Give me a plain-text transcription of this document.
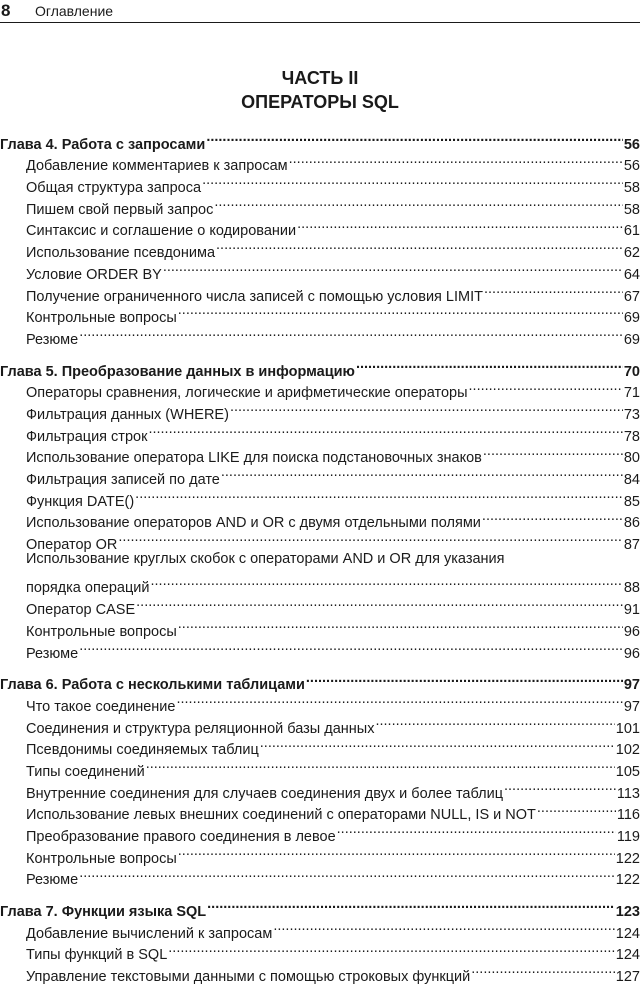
8	Оглавление
ЧАСТЬ II
ОПЕРАТОРЫ SQL
Глава 4. Работа с запросами .....	56
Добавление комментариев к запросам .....	56
Общая структура запроса .....	58
Пишем свой первый запрос .....	58
Синтаксис и соглашение о кодировании .....	61
Использование псевдонима .....	62
Условие ORDER BY .....	64
Получение ограниченного числа записей с помощью условия LIMIT .....	67
Контрольные вопросы .....	69
Резюме .....	69
Глава 5. Преобразование данных в информацию .....	70
Операторы сравнения, логические и арифметические операторы .....	71
Фильтрация данных (WHERE) .....	73
Фильтрация строк .....	78
Использование оператора LIKE для поиска подстановочных знаков .....	80
Фильтрация записей по дате .....	84
Функция DATE() .....	85
Использование операторов AND и OR с двумя отдельными полями .....	86
Оператор OR .....	87
Использование круглых скобок с операторами AND и OR для указания
порядка операций .....	88
Оператор CASE .....	91
Контрольные вопросы .....	96
Резюме .....	96
Глава 6. Работа с несколькими таблицами .....	97
Что такое соединение .....	97
Соединения и структура реляционной базы данных .....	101
Псевдонимы соединяемых таблиц .....	102
Типы соединений .....	105
Внутренние соединения для случаев соединения двух и более таблиц .....	113
Использование левых внешних соединений с операторами NULL, IS и NOT .....	116
Преобразование правого соединения в левое .....	119
Контрольные вопросы .....	122
Резюме .....	122
Глава 7. Функции языка SQL .....	123
Добавление вычислений к запросам .....	124
Типы функций в SQL .....	124
Управление текстовыми данными с помощью строковых функций .....	127
